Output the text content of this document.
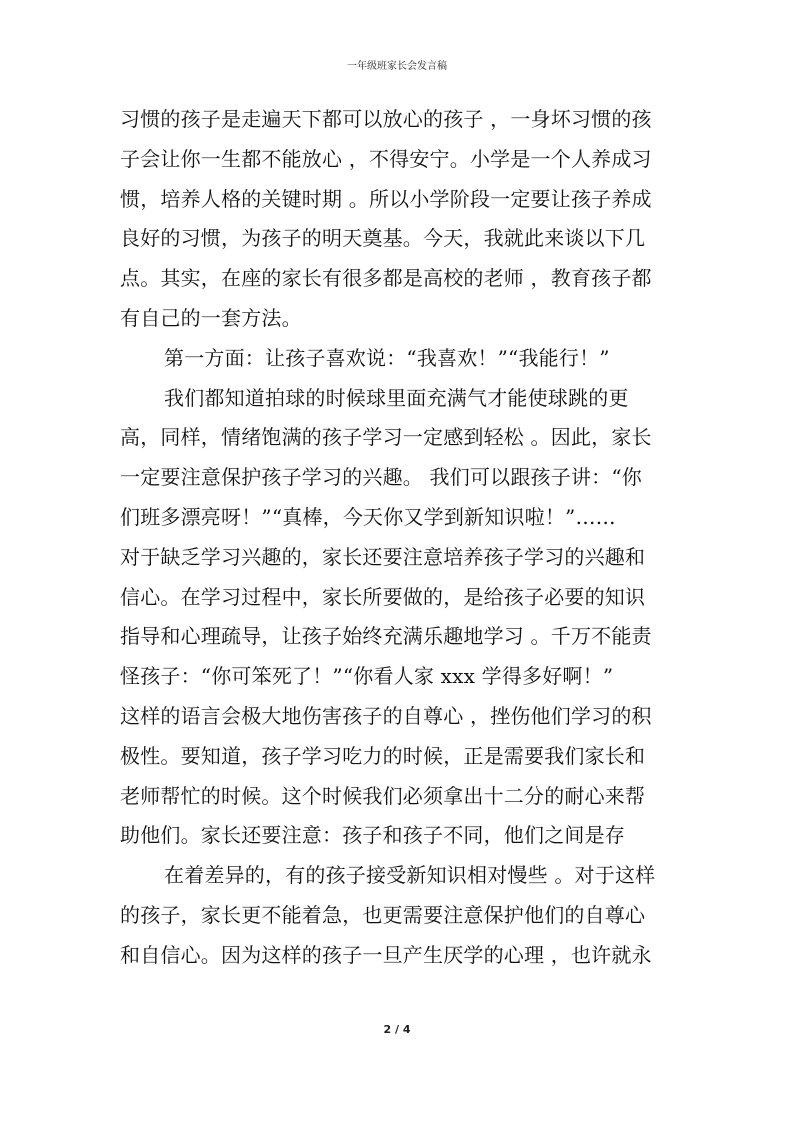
一年级班家长会发言稿
习惯的孩子是走遍天下都可以放心的孩子 ，一身坏习惯的孩
子会让你一生都不能放心 ，不得安宁。小学是一个人养成习
惯，培养人格的关键时期 。所以小学阶段一定要让孩子养成
良好的习惯，为孩子的明天奠基。今天，我就此来谈以下几
点。其实，在座的家长有很多都是高校的老师 ，教育孩子都
有自己的一套方法。
第一方面：让孩子喜欢说：“我喜欢！”“我能行！”
我们都知道拍球的时候球里面充满气才能使球跳的更
高，同样，情绪饱满的孩子学习一定感到轻松 。因此，家长
一定要注意保护孩子学习的兴趣。 我们可以跟孩子讲：“你
们班多漂亮呀！”“真棒，今天你又学到新知识啦！”……
对于缺乏学习兴趣的，家长还要注意培养孩子学习的兴趣和
信心。在学习过程中，家长所要做的，是给孩子必要的知识
指导和心理疏导，让孩子始终充满乐趣地学习 。千万不能责
怪孩子：“你可笨死了！”“你看人家 xxx 学得多好啊！”
这样的语言会极大地伤害孩子的自尊心 ，挫伤他们学习的积
极性。要知道，孩子学习吃力的时候，正是需要我们家长和
老师帮忙的时候。这个时候我们必须拿出十二分的耐心来帮
助他们。家长还要注意：孩子和孩子不同，他们之间是存
在着差异的，有的孩子接受新知识相对慢些 。对于这样
的孩子，家长更不能着急，也更需要注意保护他们的自尊心
和自信心。因为这样的孩子一旦产生厌学的心理 ，也许就永
2 / 4
